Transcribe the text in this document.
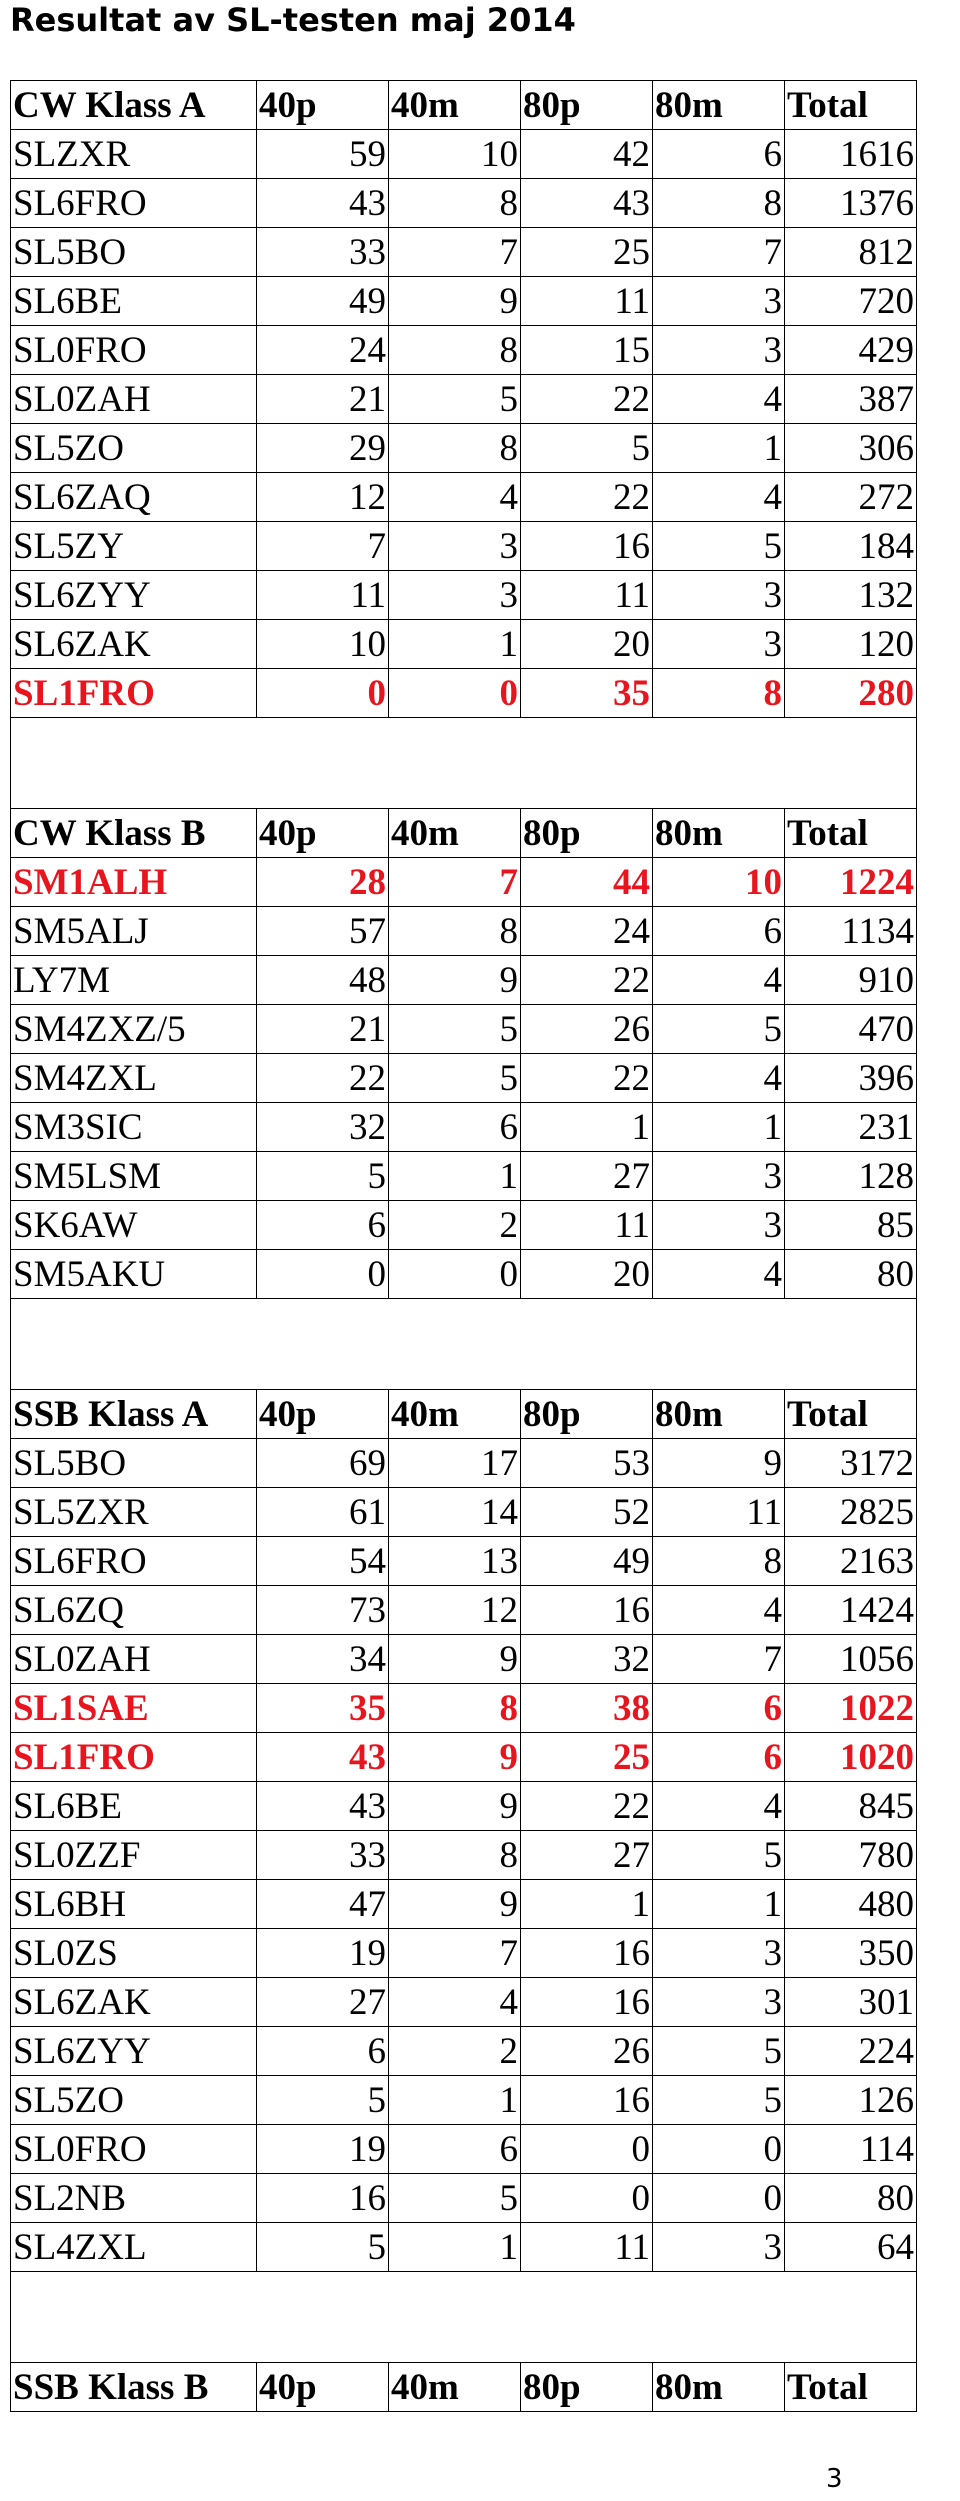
Resultat av SL-testen maj 2014
CW Klass A	40p	40m	80p	80m	Total
SLZXR	59	10	42	6	1616
SL6FRO	43	8	43	8	1376
SL5BO	33	7	25	7	812
SL6BE	49	9	11	3	720
SL0FRO	24	8	15	3	429
SL0ZAH	21	5	22	4	387
SL5ZO	29	8	5	1	306
SL6ZAQ	12	4	22	4	272
SL5ZY	7	3	16	5	184
SL6ZYY	11	3	11	3	132
SL6ZAK	10	1	20	3	120
SL1FRO	0	0	35	8	280

CW Klass B	40p	40m	80p	80m	Total
SM1ALH	28	7	44	10	1224
SM5ALJ	57	8	24	6	1134
LY7M	48	9	22	4	910
SM4ZXZ/5	21	5	26	5	470
SM4ZXL	22	5	22	4	396
SM3SIC	32	6	1	1	231
SM5LSM	5	1	27	3	128
SK6AW	6	2	11	3	85
SM5AKU	0	0	20	4	80

SSB Klass A	40p	40m	80p	80m	Total
SL5BO	69	17	53	9	3172
SL5ZXR	61	14	52	11	2825
SL6FRO	54	13	49	8	2163
SL6ZQ	73	12	16	4	1424
SL0ZAH	34	9	32	7	1056
SL1SAE	35	8	38	6	1022
SL1FRO	43	9	25	6	1020
SL6BE	43	9	22	4	845
SL0ZZF	33	8	27	5	780
SL6BH	47	9	1	1	480
SL0ZS	19	7	16	3	350
SL6ZAK	27	4	16	3	301
SL6ZYY	6	2	26	5	224
SL5ZO	5	1	16	5	126
SL0FRO	19	6	0	0	114
SL2NB	16	5	0	0	80
SL4ZXL	5	1	11	3	64

SSB Klass B	40p	40m	80p	80m	Total
3
